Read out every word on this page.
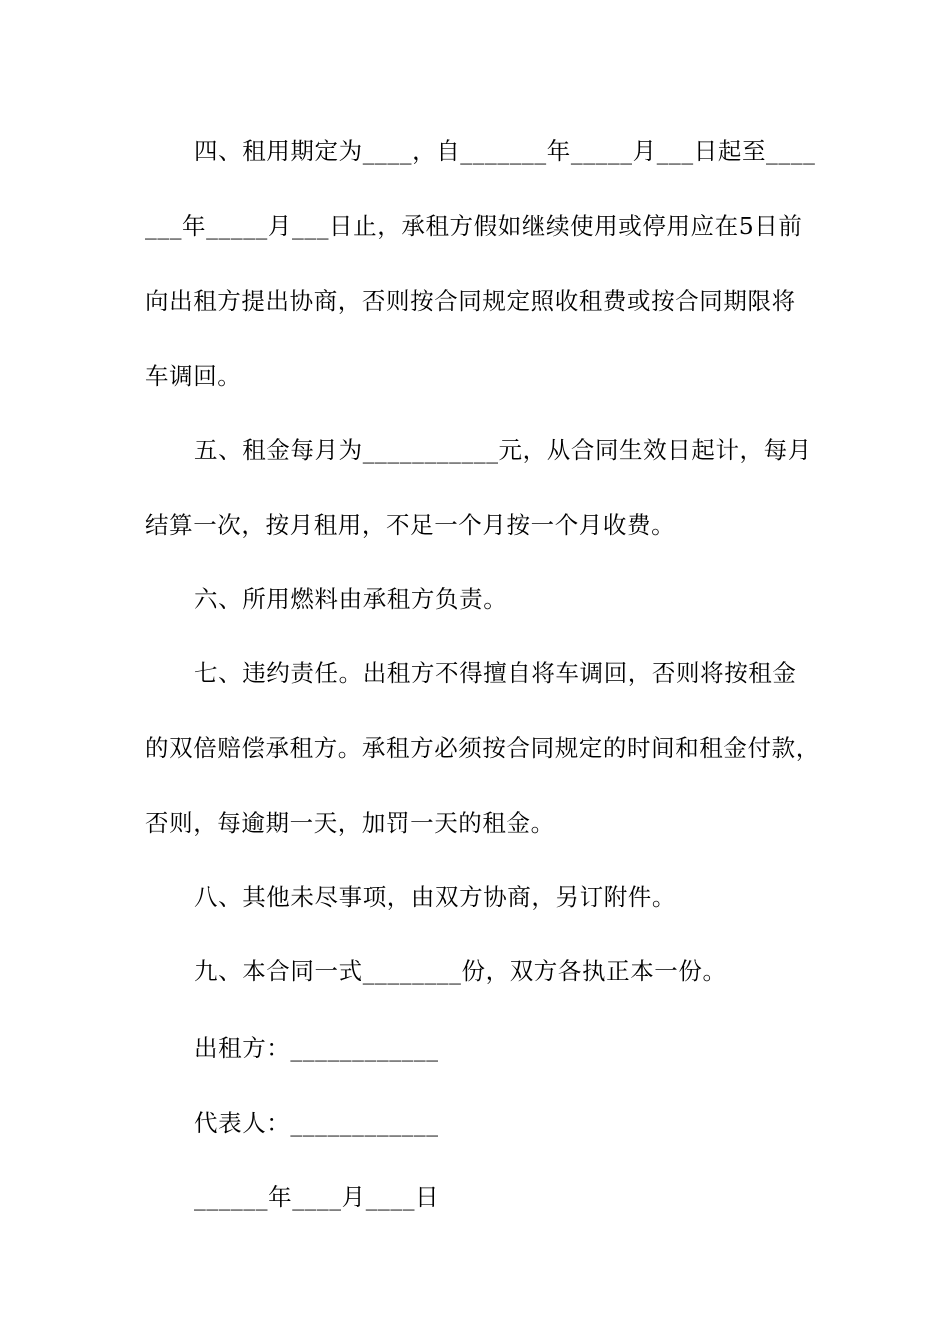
四、租用期定为____，自_______年_____月___日起至____
___年_____月___日止，承租方假如继续使用或停用应在5日前
向出租方提出协商，否则按合同规定照收租费或按合同期限将
车调回。
五、租金每月为___________元，从合同生效日起计，每月
结算一次，按月租用，不足一个月按一个月收费。
六、所用燃料由承租方负责。
七、违约责任。出租方不得擅自将车调回，否则将按租金
的双倍赔偿承租方。承租方必须按合同规定的时间和租金付款，
否则，每逾期一天，加罚一天的租金。
八、其他未尽事项，由双方协商，另订附件。
九、本合同一式________份，双方各执正本一份。
出租方：____________
代表人：____________
______年____月____日
